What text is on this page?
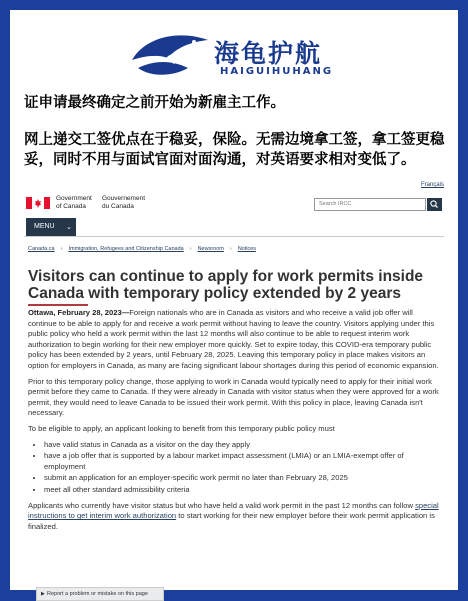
海龟护航
HAIGUIHUHANG
证申请最终确定之前开始为新雇主工作。
网上递交工签优点在于稳妥，保险。无需边境拿工签，拿工签更稳妥，同时不用与面试官面对面沟通，对英语要求相对变低了。
Français
Government
of Canada
Gouvernement
du Canada	Search IRCC
MENU ⌄
Canada.ca › Immigration, Refugees and Citizenship Canada › Newsroom › Notices
Visitors can continue to apply for work permits inside Canada with temporary policy extended by 2 years

Ottawa, February 28, 2023—Foreign nationals who are in Canada as visitors and who receive a valid job offer will continue to be able to apply for and receive a work permit without having to leave the country. Visitors applying under this public policy who held a work permit within the last 12 months will also continue to be able to request interim work authorization to begin working for their new employer more quickly. Set to expire today, this COVID-era temporary public policy has been extended by 2 years, until February 28, 2025. Leaving this temporary policy in place makes visitors an option for employers in Canada, as many are facing significant labour shortages during this period of economic expansion.

Prior to this temporary policy change, those applying to work in Canada would typically need to apply for their initial work permit before they came to Canada. If they were already in Canada with visitor status when they were approved for a work permit, they would need to leave Canada to be issued their work permit. With this policy in place, leaving Canada isn't necessary.

To be eligible to apply, an applicant looking to benefit from this temporary public policy must

• have valid status in Canada as a visitor on the day they apply
• have a job offer that is supported by a labour market impact assessment (LMIA) or an LMIA-exempt offer of employment
• submit an application for an employer-specific work permit no later than February 28, 2025
• meet all other standard admissibility criteria

Applicants who currently have visitor status but who have held a valid work permit in the past 12 months can follow special instructions to get interim work authorization to start working for their new employer before their work permit application is finalized.

▶ Report a problem or mistake on this page
